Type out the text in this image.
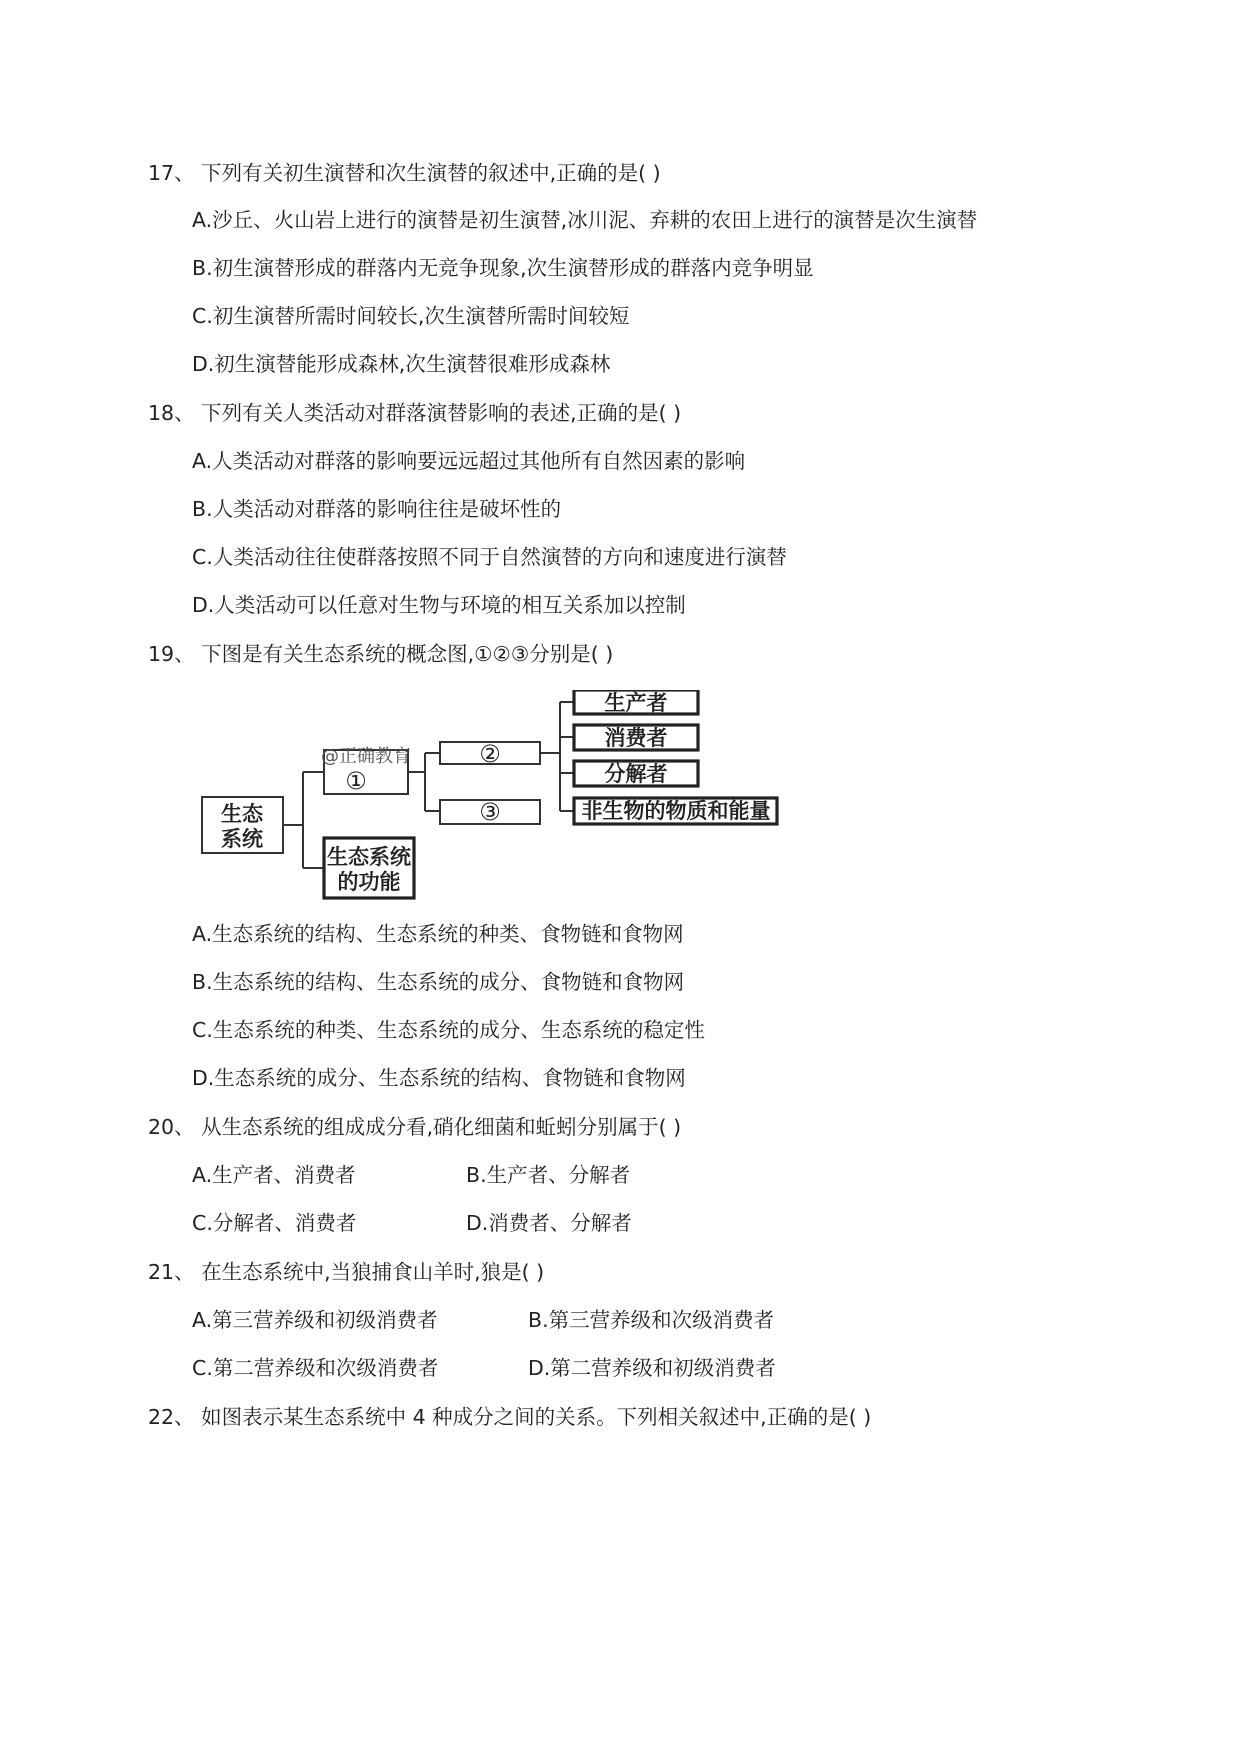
17、 下列有关初生演替和次生演替的叙述中,正确的是( )
A.沙丘、火山岩上进行的演替是初生演替,冰川泥、弃耕的农田上进行的演替是次生演替
B.初生演替形成的群落内无竞争现象,次生演替形成的群落内竞争明显
C.初生演替所需时间较长,次生演替所需时间较短
D.初生演替能形成森林,次生演替很难形成森林
18、 下列有关人类活动对群落演替影响的表述,正确的是( )
A.人类活动对群落的影响要远远超过其他所有自然因素的影响
B.人类活动对群落的影响往往是破坏性的
C.人类活动往往使群落按照不同于自然演替的方向和速度进行演替
D.人类活动可以任意对生物与环境的相互关系加以控制
19、 下图是有关生态系统的概念图,①②③分别是( )
生态
系统
@正确教育
①
生态系统
的功能
②
③
生产者
消费者
分解者
非生物的物质和能量
A.生态系统的结构、生态系统的种类、食物链和食物网
B.生态系统的结构、生态系统的成分、食物链和食物网
C.生态系统的种类、生态系统的成分、生态系统的稳定性
D.生态系统的成分、生态系统的结构、食物链和食物网
20、 从生态系统的组成成分看,硝化细菌和蚯蚓分别属于( )
A.生产者、消费者	B.生产者、分解者
C.分解者、消费者	D.消费者、分解者
21、 在生态系统中,当狼捕食山羊时,狼是( )
A.第三营养级和初级消费者	B.第三营养级和次级消费者
C.第二营养级和次级消费者	D.第二营养级和初级消费者
22、 如图表示某生态系统中 4 种成分之间的关系。下列相关叙述中,正确的是( )
